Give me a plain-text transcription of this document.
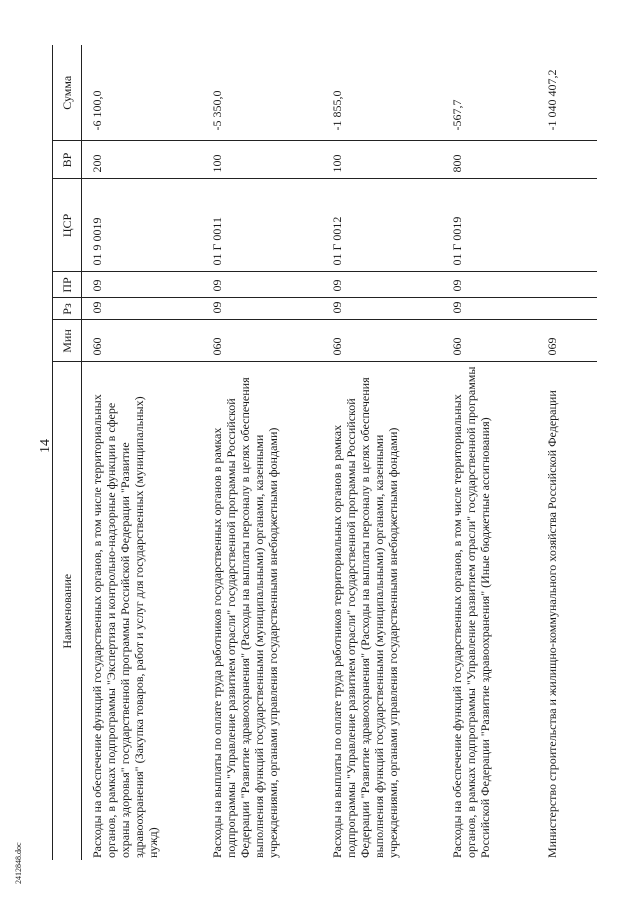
14
2412848.doc
Наименование	Мин	Рз	ПР	ЦСР	ВР	Сумма
Расходы на обеспечение функций государственных органов, в том числе территориальных органов, в рамках подпрограммы "Экспертиза и контрольно-надзорные функции в сфере охраны здоровья" государственной программы Российской Федерации "Развитие здравоохранения" (Закупка товаров, работ и услуг для государственных (муниципальных) нужд)	060	09	09	01 9 0019	200	-6 100,0
Расходы на выплаты по оплате труда работников государственных органов в рамках подпрограммы "Управление развитием отрасли" государственной программы Российской Федерации "Развитие здравоохранения" (Расходы на выплаты персоналу в целях обеспечения выполнения функций государственными (муниципальными) органами, казенными учреждениями, органами управления государственными внебюджетными фондами)	060	09	09	01 Г 0011	100	-5 350,0
Расходы на выплаты по оплате труда работников территориальных органов в рамках подпрограммы "Управление развитием отрасли" государственной программы Российской Федерации "Развитие здравоохранения" (Расходы на выплаты персоналу в целях обеспечения выполнения функций государственными (муниципальными) органами, казенными учреждениями, органами управления государственными внебюджетными фондами)	060	09	09	01 Г 0012	100	-1 855,0
Расходы на обеспечение функций государственных органов, в том числе территориальных органов, в рамках подпрограммы "Управление развитием отрасли" государственной программы Российской Федерации "Развитие здравоохранения" (Иные бюджетные ассигнования)	060	09	09	01 Г 0019	800	-567,7
Министерство строительства и жилищно-коммунального хозяйства Российской Федерации	069					-1 040 407,2
